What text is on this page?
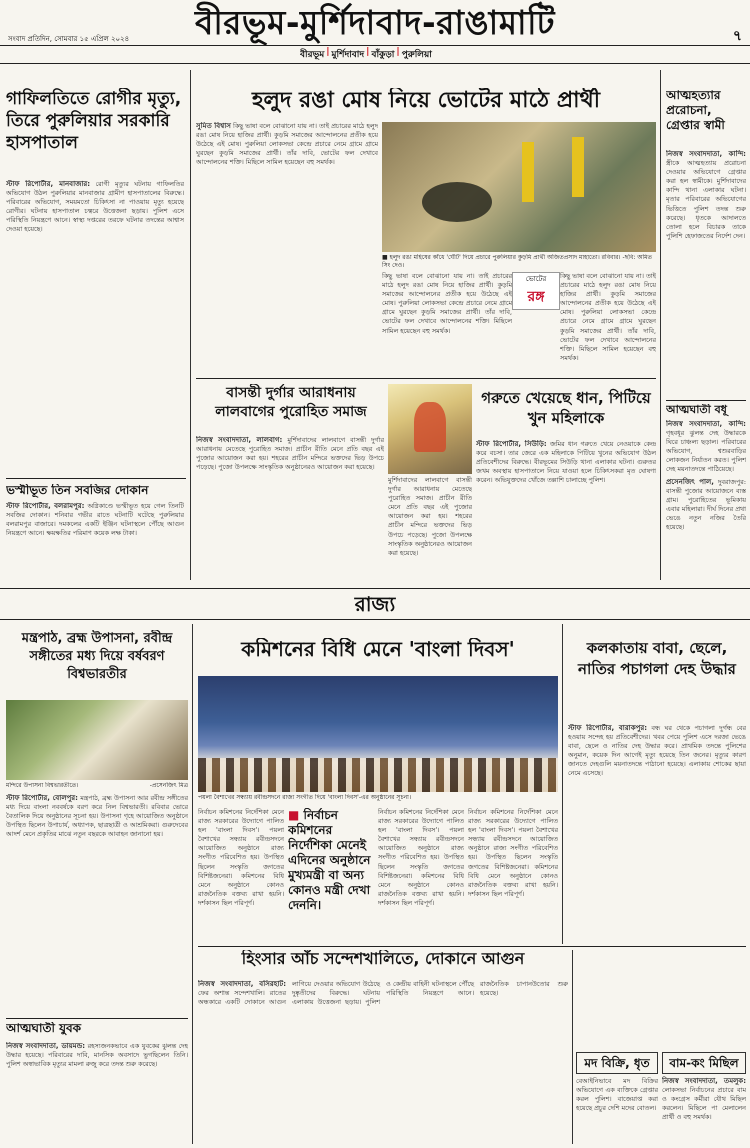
বীরভূম-মুর্শিদাবাদ-রাঙামাটি
সংবাদ প্রতিদিন, সোমবার ১৫ এপ্রিল ২০২৪	৭
বীরভূম | মুর্শিদাবাদ | বাঁকুড়া | পুরুলিয়া
গাফিলতিতে রোগীর মৃত্যু, তিরে পুরুলিয়ার সরকারি হাসপাতাল
স্টাফ রিপোর্টার, মানবাজার: রোগী মৃত্যুর ঘটনায় গাফিলতির অভিযোগ উঠল পুরুলিয়ার মানবাজার গ্রামীণ হাসপাতালের বিরুদ্ধে। পরিবারের অভিযোগ, সময়মতো চিকিৎসা না পাওয়ায় মৃত্যু হয়েছে রোগীর। ঘটনায় হাসপাতাল চত্বরে উত্তেজনা ছড়ায়। পুলিশ এসে পরিস্থিতি নিয়ন্ত্রণে আনে। স্বাস্থ্য দপ্তরের তরফে ঘটনার তদন্তের আশ্বাস দেওয়া হয়েছে।
ভস্মীভূত তিন সবজির দোকান
স্টাফ রিপোর্টার, বলরামপুর: অগ্নিকাণ্ডে ভস্মীভূত হয়ে গেল তিনটি সবজির দোকান। শনিবার গভীর রাতে ঘটনাটি ঘটেছে পুরুলিয়ার বলরামপুর বাজারে। দমকলের একটি ইঞ্জিন ঘটনাস্থলে পৌঁছে আগুন নিয়ন্ত্রণে আনে। ক্ষয়ক্ষতির পরিমাণ কয়েক লক্ষ টাকা।
হলুদ রঙা মোষ নিয়ে ভোটের মাঠে প্রার্থী
সুমিত বিশ্বাস কিছু ভাষা বলে বোঝানো যায় না। তাই প্রচারের মাঠে হলুদ রঙা মোষ নিয়ে হাজির প্রার্থী। কুড়মি সমাজের আন্দোলনের প্রতীক হয়ে উঠেছে এই মোষ। পুরুলিয়া লোকসভা কেন্দ্রে প্রচারে নেমে গ্রামে গ্রামে ঘুরছেন কুড়মি সমাজের প্রার্থী। তাঁর দাবি, ভোটের ফল দেখাবে আন্দোলনের শক্তি। মিছিলে সামিল হয়েছেন বহু সমর্থক।
■ হলুদ রঙা মহিষের কাঁধে 'ঘেঁটি' দিয়ে প্রচারে পুরুলিয়ার কুড়মি প্রার্থী অজিতপ্রসাদ মাহাতো। রবিবার। -ছবি: অমিত সিং দেও।
কিছু ভাষা বলে বোঝানো যায় না। তাই প্রচারের মাঠে হলুদ রঙা মোষ নিয়ে হাজির প্রার্থী। কুড়মি সমাজের আন্দোলনের প্রতীক হয়ে উঠেছে এই মোষ। পুরুলিয়া লোকসভা কেন্দ্রে প্রচারে নেমে গ্রামে গ্রামে ঘুরছেন কুড়মি সমাজের প্রার্থী। তাঁর দাবি, ভোটের ফল দেখাবে আন্দোলনের শক্তি। মিছিলে সামিল হয়েছেন বহু সমর্থক।
ভোটের
রঙ্গ
কিছু ভাষা বলে বোঝানো যায় না। তাই প্রচারের মাঠে হলুদ রঙা মোষ নিয়ে হাজির প্রার্থী। কুড়মি সমাজের আন্দোলনের প্রতীক হয়ে উঠেছে এই মোষ। পুরুলিয়া লোকসভা কেন্দ্রে প্রচারে নেমে গ্রামে গ্রামে ঘুরছেন কুড়মি সমাজের প্রার্থী। তাঁর দাবি, ভোটের ফল দেখাবে আন্দোলনের শক্তি। মিছিলে সামিল হয়েছেন বহু সমর্থক।
আত্মহত্যার প্ররোচনা, গ্রেপ্তার স্বামী
নিজস্ব সংবাদদাতা, কান্দি: স্ত্রীকে আত্মহত্যায় প্ররোচনা দেওয়ার অভিযোগে গ্রেপ্তার করা হল স্বামীকে। মুর্শিদাবাদের কান্দি থানা এলাকার ঘটনা। মৃতার পরিবারের অভিযোগের ভিত্তিতে পুলিশ তদন্ত শুরু করেছে। ধৃতকে আদালতে তোলা হলে বিচারক তাকে পুলিশি হেফাজতের নির্দেশ দেন।
আত্মঘাতী বধূ
নিজস্ব সংবাদদাতা, কান্দি: গৃহবধূর ঝুলন্ত দেহ উদ্ধারকে ঘিরে চাঞ্চল্য ছড়াল। পরিবারের অভিযোগ, শ্বশুরবাড়ির লোকজন নির্যাতন করত। পুলিশ দেহ ময়নাতদন্তে পাঠিয়েছে।

প্রসেনজিৎ পাল, দুবরাজপুর: বাসন্তী পুজোর আয়োজনে ব্যস্ত গ্রাম। পুরোহিতের ভূমিকায় এবার মহিলারা। দীর্ঘ দিনের প্রথা ভেঙে নতুন নজির তৈরি হয়েছে।

বাসন্তী দুর্গার আরাধনায় লালবাগের পুরোহিত সমাজ
নিজস্ব সংবাদদাতা, লালবাগ: মুর্শিদাবাদের লালবাগে বাসন্তী দুর্গার আরাধনায় মেতেছে পুরোহিত সমাজ। প্রাচীন রীতি মেনে প্রতি বছর এই পুজোর আয়োজন করা হয়। শহরের প্রাচীন মন্দিরে ভক্তদের ভিড় উপচে পড়েছে। পুজো উপলক্ষে সাংস্কৃতিক অনুষ্ঠানেরও আয়োজন করা হয়েছে।
মুর্শিদাবাদের লালবাগে বাসন্তী দুর্গার আরাধনায় মেতেছে পুরোহিত সমাজ। প্রাচীন রীতি মেনে প্রতি বছর এই পুজোর আয়োজন করা হয়। শহরের প্রাচীন মন্দিরে ভক্তদের ভিড় উপচে পড়েছে। পুজো উপলক্ষে সাংস্কৃতিক অনুষ্ঠানেরও আয়োজন করা হয়েছে।
গরুতে খেয়েছে ধান, পিটিয়ে খুন মহিলাকে
স্টাফ রিপোর্টার, সিউড়ি: জমির ধান গরুতে খেয়ে নেওয়াকে কেন্দ্র করে বচসা। তার জেরে এক মহিলাকে পিটিয়ে খুনের অভিযোগ উঠল প্রতিবেশীদের বিরুদ্ধে। বীরভূমের সিউড়ি থানা এলাকার ঘটনা। গুরুতর জখম অবস্থায় হাসপাতালে নিয়ে যাওয়া হলে চিকিৎসকরা মৃত ঘোষণা করেন। অভিযুক্তদের খোঁজে তল্লাশি চালাচ্ছে পুলিশ।
রাজ্য
মন্ত্রপাঠ, ব্রহ্ম উপাসনা, রবীন্দ্র সঙ্গীতের মধ্য দিয়ে বর্ষবরণ বিশ্বভারতীর
মন্দিরে উপাসনা বিশ্বভারতীতে।	-প্রসেনজিৎ মিত্র
স্টাফ রিপোর্টার, বোলপুর: মন্ত্রপাঠ, ব্রহ্ম উপাসনা আর রবীন্দ্র সঙ্গীতের মধ্য দিয়ে বাংলা নববর্ষকে বরণ করে নিল বিশ্বভারতী। রবিবার ভোরে বৈতালিক দিয়ে অনুষ্ঠানের সূচনা হয়। উপাসনা গৃহে আয়োজিত অনুষ্ঠানে উপস্থিত ছিলেন উপাচার্য, অধ্যাপক, ছাত্রছাত্রী ও আশ্রমিকরা। গুরুদেবের আদর্শ মেনে প্রকৃতির মাঝে নতুন বছরকে আবাহন জানানো হয়।
আত্মঘাতী যুবক
নিজস্ব সংবাদদাতা, ডায়মন্ড: রহস্যজনকভাবে এক যুবকের ঝুলন্ত দেহ উদ্ধার হয়েছে। পরিবারের দাবি, মানসিক অবসাদে ভুগছিলেন তিনি। পুলিশ অস্বাভাবিক মৃত্যুর মামলা রুজু করে তদন্ত শুরু করেছে।
কমিশনের বিধি মেনে 'বাংলা দিবস'
পয়লা বৈশাখের সন্ধ্যায় রবীন্দ্রসদনে রাজ্য সংগীত দিয়ে 'বাংলা দিবস'-এর অনুষ্ঠানের সূচনা।
নির্বাচন কমিশনের নির্দেশিকা মেনে রাজ্য সরকারের উদ্যোগে পালিত হল 'বাংলা দিবস'। পয়লা বৈশাখের সন্ধ্যায় রবীন্দ্রসদনে আয়োজিত অনুষ্ঠানে রাজ্য সংগীত পরিবেশিত হয়। উপস্থিত ছিলেন সংস্কৃতি জগতের বিশিষ্টজনেরা। কমিশনের বিধি মেনে অনুষ্ঠানে কোনও রাজনৈতিক বক্তব্য রাখা হয়নি। দর্শকাসন ছিল পরিপূর্ণ।
■ নির্বাচন কমিশনের নির্দেশিকা মেনেই এদিনের অনুষ্ঠানে মুখ্যমন্ত্রী বা অন্য কোনও মন্ত্রী দেখা দেননি।
নির্বাচন কমিশনের নির্দেশিকা মেনে রাজ্য সরকারের উদ্যোগে পালিত হল 'বাংলা দিবস'। পয়লা বৈশাখের সন্ধ্যায় রবীন্দ্রসদনে আয়োজিত অনুষ্ঠানে রাজ্য সংগীত পরিবেশিত হয়। উপস্থিত ছিলেন সংস্কৃতি জগতের বিশিষ্টজনেরা। কমিশনের বিধি মেনে অনুষ্ঠানে কোনও রাজনৈতিক বক্তব্য রাখা হয়নি। দর্শকাসন ছিল পরিপূর্ণ।
নির্বাচন কমিশনের নির্দেশিকা মেনে রাজ্য সরকারের উদ্যোগে পালিত হল 'বাংলা দিবস'। পয়লা বৈশাখের সন্ধ্যায় রবীন্দ্রসদনে আয়োজিত অনুষ্ঠানে রাজ্য সংগীত পরিবেশিত হয়। উপস্থিত ছিলেন সংস্কৃতি জগতের বিশিষ্টজনেরা। কমিশনের বিধি মেনে অনুষ্ঠানে কোনও রাজনৈতিক বক্তব্য রাখা হয়নি। দর্শকাসন ছিল পরিপূর্ণ।
কলকাতায় বাবা, ছেলে, নাতির পচাগলা দেহ উদ্ধার
স্টাফ রিপোর্টার, বারাকপুর: বন্ধ ঘর থেকে পচাগলা দুর্গন্ধ বের হওয়ায় সন্দেহ হয় প্রতিবেশীদের। খবর পেয়ে পুলিশ এসে দরজা ভেঙে বাবা, ছেলে ও নাতির দেহ উদ্ধার করে। প্রাথমিক তদন্তে পুলিশের অনুমান, কয়েক দিন আগেই মৃত্যু হয়েছে তিন জনের। মৃত্যুর কারণ জানতে দেহগুলি ময়নাতদন্তে পাঠানো হয়েছে। এলাকায় শোকের ছায়া নেমে এসেছে।
হিংসার আঁচ সন্দেশখালিতে, দোকানে আগুন
নিজস্ব সংবাদদাতা, বসিরহাট: ফের অশান্ত সন্দেশখালি। রাতের অন্ধকারে একটি দোকানে আগুন লাগিয়ে দেওয়ার অভিযোগ উঠেছে দুষ্কৃতীদের বিরুদ্ধে। ঘটনায় এলাকায় উত্তেজনা ছড়ায়। পুলিশ ও কেন্দ্রীয় বাহিনী ঘটনাস্থলে পৌঁছে পরিস্থিতি নিয়ন্ত্রণে আনে। রাজনৈতিক চাপানউতোর শুরু হয়েছে।
মদ বিক্রি, ধৃত
বেআইনিভাবে মদ বিক্রির অভিযোগে এক ব্যক্তিকে গ্রেপ্তার করল পুলিশ। বাজেয়াপ্ত করা হয়েছে প্রচুর দেশি মদের বোতল।
বাম-কং মিছিল
নিজস্ব সংবাদদাতা, তমলুক: লোকসভা নির্বাচনের প্রচারে বাম ও কংগ্রেস কর্মীরা যৌথ মিছিল করলেন। মিছিলে পা মেলালেন প্রার্থী ও বহু সমর্থক।
